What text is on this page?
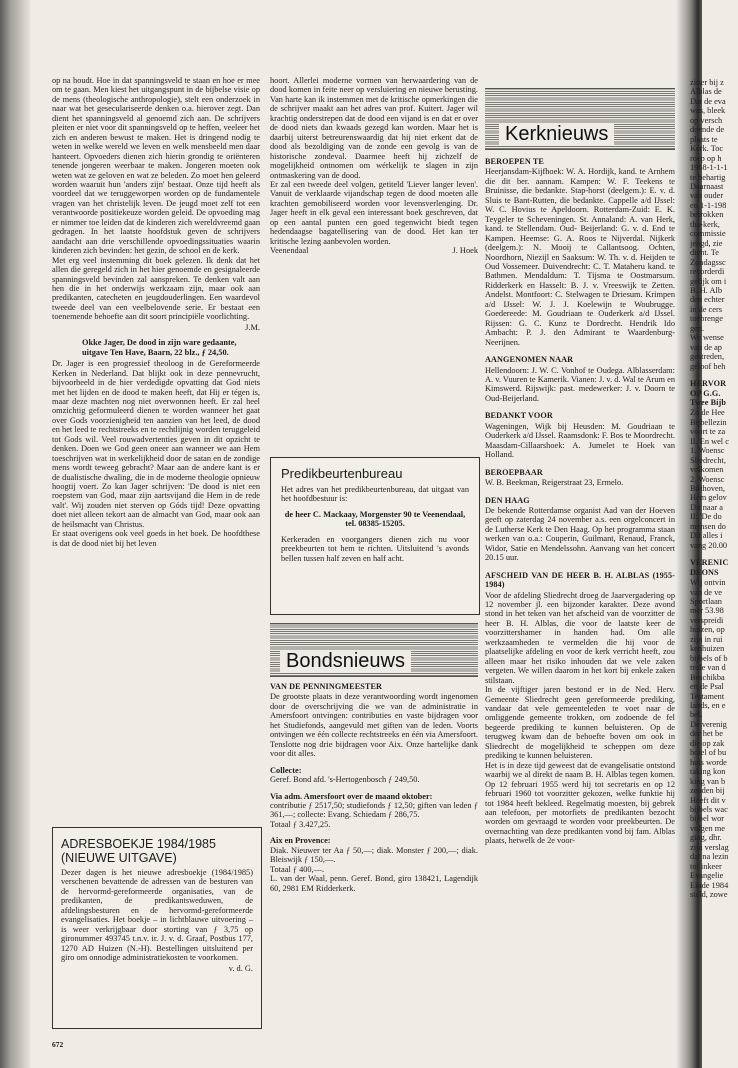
op na houdt. Hoe in dat spanningsveld te staan en hoe er mee om te gaan. Men kiest het uitgangspunt in de bijbelse visie op de mens (theologische anthropologie), stelt een onderzoek in naar wat het geseculariseerde denken o.a. hierover zegt. Dan dient het spanningsveld al genoemd zich aan. De schrijvers pleiten er niet voor dit spanningsveld op te heffen, veeleer het zich en anderen bewust te maken. Het is dringend nodig te weten in welke wereld we leven en welk mensbeeld men daar hanteert. Opvoeders dienen zich hierin grondig te oriënteren tenende jongeren weerbaar te maken. Jongeren moeten ook weten wat ze geloven en wat ze beleden. Zo moet hen geleerd worden waaruit hun 'anders zijn' bestaat. Onze tijd heeft als voordeel dat we teruggeworpen worden op de fundamentele vragen van het christelijk leven. De jeugd moet zelf tot een verantwoorde positiekeuze worden geleid. De opvoeding mag er nimmer toe leiden dat de kinderen zich wereldvreemd gaan gedragen. In het laatste hoofdstuk geven de schrijvers aandacht aan drie verschillende opvoedingssituaties waarin kinderen zich bevinden: het gezin, de school en de kerk.

Met erg veel instemming dit boek gelezen. Ik denk dat het allen die geregeld zich in het hier genoemde en gesignaleerde spanningsveld bevinden zal aanspreken. Te denken valt aan hen die in het onderwijs werkzaam zijn, maar ook aan predikanten, catecheten en jeugdouderlingen. Een waardevol tweede deel van een veelbelovende serie. Er bestaat een toenemende behoefte aan dit soort principiële voorlichting.

J.M.
Okke Jager, De dood in zijn ware gedaante, uitgave Ten Have, Baarn, 22 blz., ƒ 24,50.

Dr. Jager is een progressief theoloog in de Gereformeerde Kerken in Nederland. Dat blijkt ook in deze pennevrucht, bijvoorbeeld in de hier verdedigde opvatting dat God niets met het lijden en de dood te maken heeft, dat Hij er tégen is, maar deze machten nog niet overwonnen heeft. Er zal heel omzichtig geformuleerd dienen te worden wanneer het gaat over Gods voorzienigheid ten aanzien van het leed, de dood en het leed te rechtstreeks en te rechtlijnig worden teruggeleid tot Gods wil. Veel rouwadvertenties geven in dit opzicht te denken. Doen we God geen oneer aan wanneer we aan Hem toeschrijven wat in werkelijkheid door de satan en de zondige mens wordt teweeg gebracht? Maar aan de andere kant is er de dualistische dwaling, die in de moderne theologie opnieuw hoogtij voert. Zo kan Jager schrijven: 'De dood is niet een roepstem van God, maar zijn aartsvijand die Hem in de rede valt'. Wij zouden niet sterven op Góds tijd! Deze opvatting doet niet alleen tekort aan de almacht van God, maar ook aan de heilsmacht van Christus.

Er staat overigens ook veel goeds in het boek. De hoofdthese is dat de dood niet bij het leven

ADRESBOEKJE 1984/1985 (NIEUWE UITGAVE)

Dezer dagen is het nieuwe adresboekje (1984/1985) verschenen bevattende de adressen van de besturen van de hervormd-gereformeerde organisaties, van de predikanten, de predikantsweduwen, de afdelingsbesturen en de hervormd-gereformeerde evangelisaties. Het boekje – in lichtblauwe uitvoering – is weer verkrijgbaar door storting van ƒ 3,75 op gironummer 493745 t.n.v. ir. J. v. d. Graaf, Postbus 177, 1270 AD Huizen (N.-H). Bestellingen uitsluitend per giro om onnodige administratiekosten te voorkomen.

v. d. G.

hoort. Allerlei moderne vormen van herwaardering van de dood komen in feite neer op versluiering en nieuwe berusting. Van harte kan ik instemmen met de kritische opmerkingen die de schrijver maakt aan het adres van prof. Kuitert. Jager wil krachtig onderstrepen dat de dood een vijand is en dat er over de dood niets dan kwaads gezegd kan worden. Maar het is daarbij uiterst betreurenswaardig dat hij niet erkent dat de dood als bezoldiging van de zonde een gevolg is van de historische zondeval. Daarmee heeft hij zichzelf de mogelijkheid ontnomen om wérkelijk te slagen in zijn ontmaskering van de dood.

Er zal een tweede deel volgen, getiteld 'Liever langer leven'. Vanuit de verklaarde vijandschap tegen de dood moeten alle krachten gemobiliseerd worden voor levensverlenging. Dr. Jager heeft in elk geval een interessant boek geschreven, dat op een aantal punten een goed tegenwicht biedt tegen hedendaagse bagatellisering van de dood. Het kan ter kritische lezing aanbevolen worden.

Veenendaal	J. Hoek
Predikbeurtenbureau

Het adres van het predikbeurtenbureau, dat uitgaat van het hoofdbestuur is:

de heer C. Mackaay, Morgenster 90 te Veenendaal, tel. 08385-15205.

Kerkeraden en voorgangers dienen zich nu voor preekbeurten tot hem te richten. Uitsluitend 's avonds bellen tussen half zeven en half acht.

Bondsnieuws
VAN DE PENNINGMEESTER

De grootste plaats in deze verantwoording wordt ingenomen door de overschrijving die we van de administratie in Amersfoort ontvingen: contributies en vaste bijdragen voor het Studiefonds, aangevuld met giften van de leden. Voorts ontvingen we één collecte rechtstreeks en één via Amersfoort. Tenslotte nog drie bijdragen voor Aix. Onze hartelijke dank voor dit alles.

Collecte:

Geref. Bond afd. 's-Hertogenbosch ƒ 249,50.

Via adm. Amersfoort over de maand oktober:

contributie ƒ 2517,50; studiefonds ƒ 12,50; giften van leden ƒ 361,—; collecte: Evang. Schiedam ƒ 286,75.

Totaal ƒ 3.427,25.

Aix en Provence:

Diak. Nieuwer ter Aa ƒ 50,—; diak. Monster ƒ 200,—; diak. Bleiswijk ƒ 150,—.

Totaal ƒ 400,—.

L. van der Waal, penn. Geref. Bond, giro 138421, Lagendijk 60, 2981 EM Ridderkerk.

Kerknieuws
BEROEPEN TE

Heerjansdam-Kijfhoek: W. A. Hordijk, kand. te Arnhem die dit ber. aannam. Kampen: W. F. Teekens te Bruinisse, die bedankte. Stap-horst (deelgem.): E. v. d. Sluis te Bant-Rutten, die bedankte. Cappelle a/d IJssel: W. C. Hovius te Apeldoorn. Rotterdam-Zuid: E. K. Teygeler te Scheveningen. St. Annaland: A. van Herk, kand. te Stellendam. Oud- Beijerland: G. v. d. End te Kampen. Heemse: G. A. Roos te Nijverdal. Nijkerk (deelgem.): N. Mooij te Callantsoog. Ochten, Noordhorn, Niezijl en Saaksum: W. Th. v. d. Heijden te Oud Vossemeer. Duivendrecht: C. T. Mataheru kand. te Bathmen. Mendaldum: T. Tijsma te Oostmarsum. Ridderkerk en Hasselt: B. J. v. Vreeswijk te Zetten. Andelst. Montfoort: C. Stelwagen te Driesum. Krimpen a/d IJssel: W. J. J. Koelewijn te Woubrugge. Goedereede: M. Goudriaan te Ouderkerk a/d IJssel. Rijssen: G. C. Kunz te Dordrecht. Hendrik Ido Ambacht: P. J. den Admirant te Waardenburg- Neerijnen.

AANGENOMEN NAAR

Hellendoorn: J. W. C. Vonhof te Oudega. Alblasserdam: A. v. Vuuren te Kamerik. Vianen: J. v. d. Wal te Arum en Kimswerd. Rijswijk: past. medewerker: J. v. Doorn te Oud-Beijerland.

BEDANKT VOOR

Wageningen, Wijk bij Heusden: M. Goudriaan te Ouderkerk a/d IJssel. Raamsdonk: F. Bos te Moordrecht. Maasdam-Cillaarshoek: A. Jumelet te Hoek van Holland.

BEROEPBAAR

W. B. Beekman, Reigerstraat 23, Ermelo.

DEN HAAG

De bekende Rotterdamse organist Aad van der Hoeven geeft op zaterdag 24 november a.s. een orgelconcert in de Lutherse Kerk te Den Haag. Op het programma staan werken van o.a.: Couperin, Guilmant, Renaud, Franck, Widor, Satie en Mendelssohn. Aanvang van het concert 20.15 uur.

AFSCHEID VAN DE HEER B. H. ALBLAS (1955-1984)

Voor de afdeling Sliedrecht droeg de Jaarvergadering op 12 november jl. een bijzonder karakter. Deze avond stond in het teken van het afscheid van de voorzitter de heer B. H. Alblas, die voor de laatste keer de voorzittershamer in handen had. Om alle werkzaamheden te vermelden die hij voor de plaatselijke afdeling en voor de kerk verricht heeft, zou alleen maar het risiko inhouden dat we vele zaken vergeten. We willen daarom in het kort bij enkele zaken stilstaan.

In de vijftiger jaren bestond er in de Ned. Herv. Gemeente Sliedrecht geen gereformeerde prediking, vandaar dat vele gemeenteleden te voet naar de omliggende gemeente trokken, om zodoende de fel begeerde prediking te kunnen beluisteren. Op de terugweg kwam dan de behoefte boven om ook in Sliedrecht de mogelijkheid te scheppen om deze prediking te kunnen beluisteren.

Het is in deze tijd geweest dat de evangelisatie ontstond waarbij we al direkt de naam B. H. Alblas tegen komen. Op 12 februari 1955 werd hij tot secretaris en op 12 februari 1960 tot voorzitter gekozen, welke funktie hij tot 1984 heeft bekleed. Regelmatig moesten, bij gebrek aan telefoon, per motorfiets de predikanten bezocht worden om gevraagd te worden voor preekbeurten. De overnachting van deze predikanten vond bij fam. Alblas plaats, hetwelk de 2e voor-

zitter bij z
Alblas de
Dat de eva
was, bleek
op versch
doende de
plaats te
Kerk. Toc
roep op h
1968-1-1-1
te behartig
Daarnaast
van ouder
en 1-1-198
betrokken
tha-kerk,
commissie
jeugd, zie
dieht. Te
Zondagssc
recorderdi
gelijk om i
B. H. Alb
den echter
in de cers
toebrenge
gen.
We wense
van de ap
gestreden,
geloof beh
HERVOR OP G.G. Twee Bijb
Zo de Hee
Bijbellezin
voort te za
II. En wel c
1. Woensc
Sliedrecht,
volkomen
2. Woensc
Bilthoven,
Hem gelov
Dit naar a
II: 'De do
mensen do
Dit alles i
vang 20.00
VERENIC DEONS
Wij ontvin
van de ve
Sportlaan
mer 53.98
verspreidi
huizen, op
zijn in rui
kenhuizen
bijbels of b
trole van d
Beschikba
en de Psal
Testament
lands, en e
bel.
De verenig
der het be
die op zak
hotel of bu
huis worde
taking kon
king van b
zenden bij
Heeft dit v
bijbels wac
bijbel wor
volgen me
ging, dhr.
zijn verslag
dat na lezin
tot inkeer
Evangelie
Einde 1984
steld, zowe
672
